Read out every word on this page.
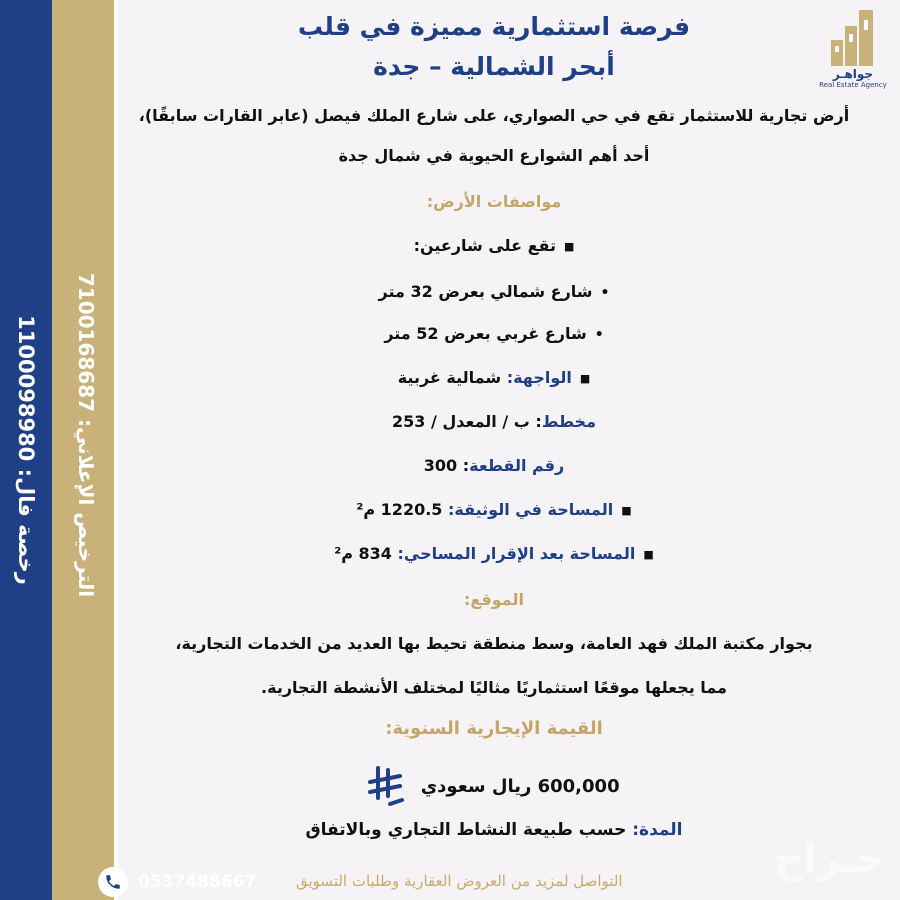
رخصة فال: 1100098980
الترخيص الإعلاني: 7100168687
جواهـر
Real Estate Agency
فرصة استثمارية مميزة في قلب
أبحر الشمالية – جدة
أرض تجارية للاستثمار تقع في حي الصواري، على شارع الملك فيصل (عابر القارات سابقًا)،
أحد أهم الشوارع الحيوية في شمال جدة
مواصفات الأرض:
■تقع على شارعين:
•شارع شمالي بعرض 32 متر
•شارع غربي بعرض 52 متر
■الواجهة: شمالية غربية
مخطط: ب / المعدل / 253
رقم القطعة: 300
■المساحة في الوثيقة: 1220.5 م²
■المساحة بعد الإقرار المساحي: 834 م²
الموقع:
بجوار مكتبة الملك فهد العامة، وسط منطقة تحيط بها العديد من الخدمات التجارية،
مما يجعلها موقعًا استثماريًا مثاليًا لمختلف الأنشطة التجارية.
القيمة الإيجارية السنوية:
600,000 ريال سعودي
المدة: حسب طبيعة النشاط التجاري وبالاتفاق
حـراج
0537488667	التواصل لمزيد من العروض العقارية وطلبات التسويق
